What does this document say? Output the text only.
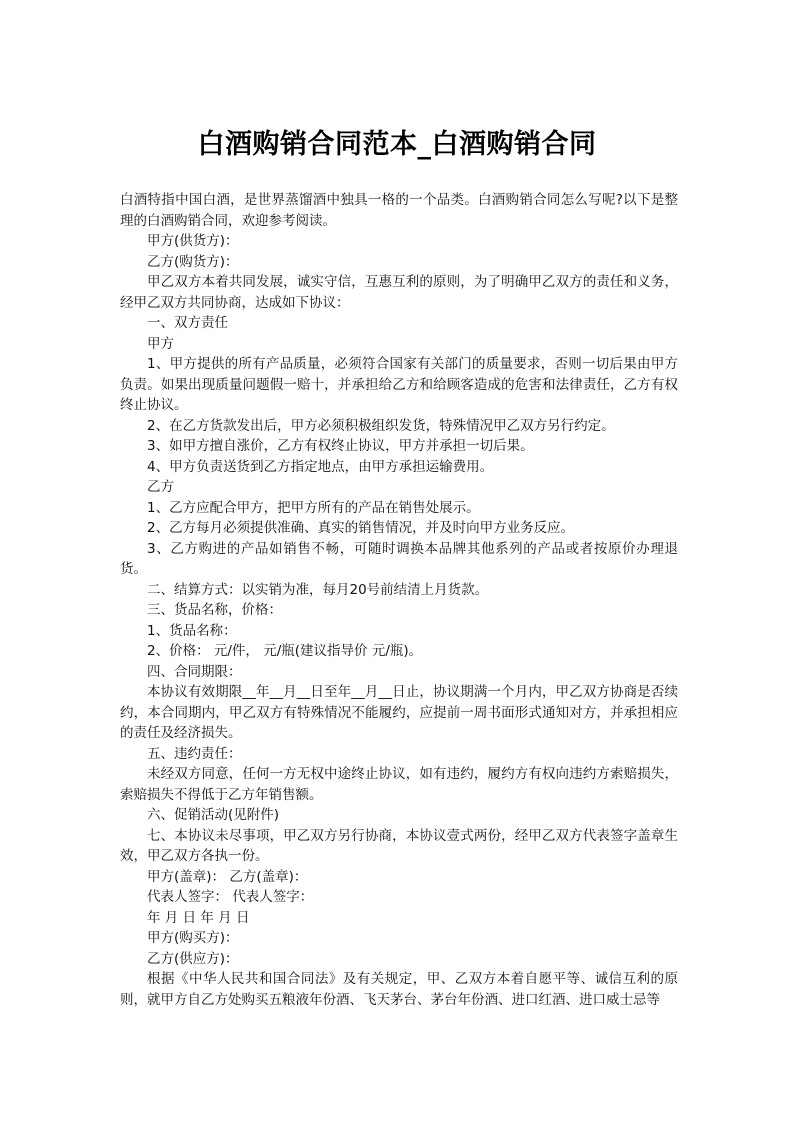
白酒购销合同范本_白酒购销合同

白酒特指中国白酒，是世界蒸馏酒中独具一格的一个品类。白酒购销合同怎么写呢?以下是整理的白酒购销合同，欢迎参考阅读。

甲方(供货方)：

乙方(购货方)：

甲乙双方本着共同发展，诚实守信，互惠互利的原则，为了明确甲乙双方的责任和义务，经甲乙双方共同协商，达成如下协议：

一、双方责任

甲方

1、甲方提供的所有产品质量，必须符合国家有关部门的质量要求，否则一切后果由甲方负责。如果出现质量问题假一赔十，并承担给乙方和给顾客造成的危害和法律责任，乙方有权终止协议。

2、在乙方货款发出后，甲方必须积极组织发货，特殊情况甲乙双方另行约定。

3、如甲方擅自涨价，乙方有权终止协议，甲方并承担一切后果。

4、甲方负责送货到乙方指定地点，由甲方承担运输费用。

乙方

1、乙方应配合甲方，把甲方所有的产品在销售处展示。

2、乙方每月必须提供准确、真实的销售情况，并及时向甲方业务反应。

3、乙方购进的产品如销售不畅，可随时调换本品牌其他系列的产品或者按原价办理退货。

二、结算方式：以实销为准，每月20号前结清上月货款。

三、货品名称，价格：

1、货品名称：

2、价格： 元/件， 元/瓶(建议指导价 元/瓶)。

四、合同期限：

本协议有效期限__年__月__日至年__月__日止，协议期满一个月内，甲乙双方协商是否续约，本合同期内，甲乙双方有特殊情况不能履约，应提前一周书面形式通知对方，并承担相应的责任及经济损失。

五、违约责任：

未经双方同意，任何一方无权中途终止协议，如有违约，履约方有权向违约方索赔损失，索赔损失不得低于乙方年销售额。

六、促销活动(见附件)

七、本协议未尽事项，甲乙双方另行协商，本协议壹式两份，经甲乙双方代表签字盖章生效，甲乙双方各执一份。

甲方(盖章)： 乙方(盖章)：

代表人签字： 代表人签字：

年 月 日 年 月 日

甲方(购买方)：

乙方(供应方)：

根据《中华人民共和国合同法》及有关规定，甲、乙双方本着自愿平等、诚信互利的原则，就甲方自乙方处购买五粮液年份酒、飞天茅台、茅台年份酒、进口红酒、进口威士忌等
